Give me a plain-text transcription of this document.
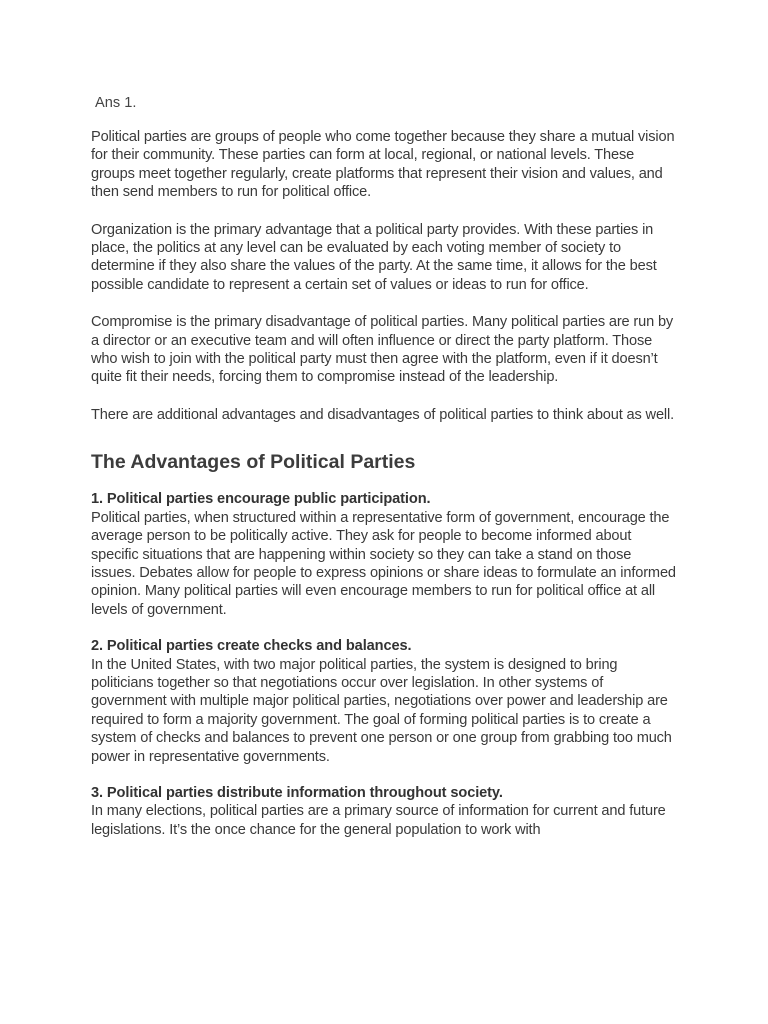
Ans 1.

Political parties are groups of people who come together because they share a mutual vision for their community. These parties can form at local, regional, or national levels. These groups meet together regularly, create platforms that represent their vision and values, and then send members to run for political office.

Organization is the primary advantage that a political party provides. With these parties in place, the politics at any level can be evaluated by each voting member of society to determine if they also share the values of the party. At the same time, it allows for the best possible candidate to represent a certain set of values or ideas to run for office.

Compromise is the primary disadvantage of political parties. Many political parties are run by a director or an executive team and will often influence or direct the party platform. Those who wish to join with the political party must then agree with the platform, even if it doesn’t quite fit their needs, forcing them to compromise instead of the leadership.

There are additional advantages and disadvantages of political parties to think about as well.

The Advantages of Political Parties

1. Political parties encourage public participation.

Political parties, when structured within a representative form of government, encourage the average person to be politically active. They ask for people to become informed about specific situations that are happening within society so they can take a stand on those issues. Debates allow for people to express opinions or share ideas to formulate an informed opinion. Many political parties will even encourage members to run for political office at all levels of government.

2. Political parties create checks and balances.

In the United States, with two major political parties, the system is designed to bring politicians together so that negotiations occur over legislation. In other systems of government with multiple major political parties, negotiations over power and leadership are required to form a majority government. The goal of forming political parties is to create a system of checks and balances to prevent one person or one group from grabbing too much power in representative governments.

3. Political parties distribute information throughout society.

In many elections, political parties are a primary source of information for current and future legislations. It’s the once chance for the general population to work with
